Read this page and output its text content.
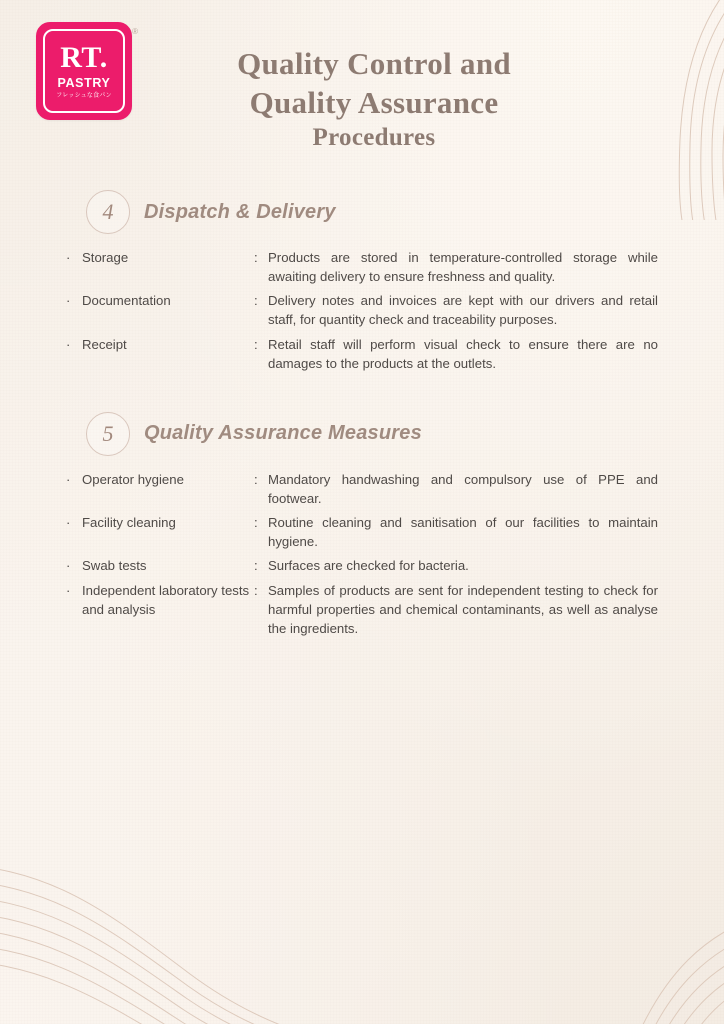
®
RT.
PASTRY
フレッシュな食パン
Quality Control and
Quality Assurance
Procedures
4	Dispatch & Delivery
·	Storage	:	Products are stored in temperature-controlled storage while awaiting delivery to ensure freshness and quality.
·	Documentation	:	Delivery notes and invoices are kept with our drivers and retail staff, for quantity check and traceability purposes.
·	Receipt	:	Retail staff will perform visual check to ensure there are no damages to the products at the outlets.
5	Quality Assurance Measures
·	Operator hygiene	:	Mandatory handwashing and compulsory use of PPE and footwear.
·	Facility cleaning	:	Routine cleaning and sanitisation of our facilities to maintain hygiene.
·	Swab tests	:	Surfaces are checked for bacteria.
·	Independent laboratory tests and analysis	:	Samples of products are sent for independent testing to check for harmful properties and chemical contaminants, as well as analyse the ingredients.
